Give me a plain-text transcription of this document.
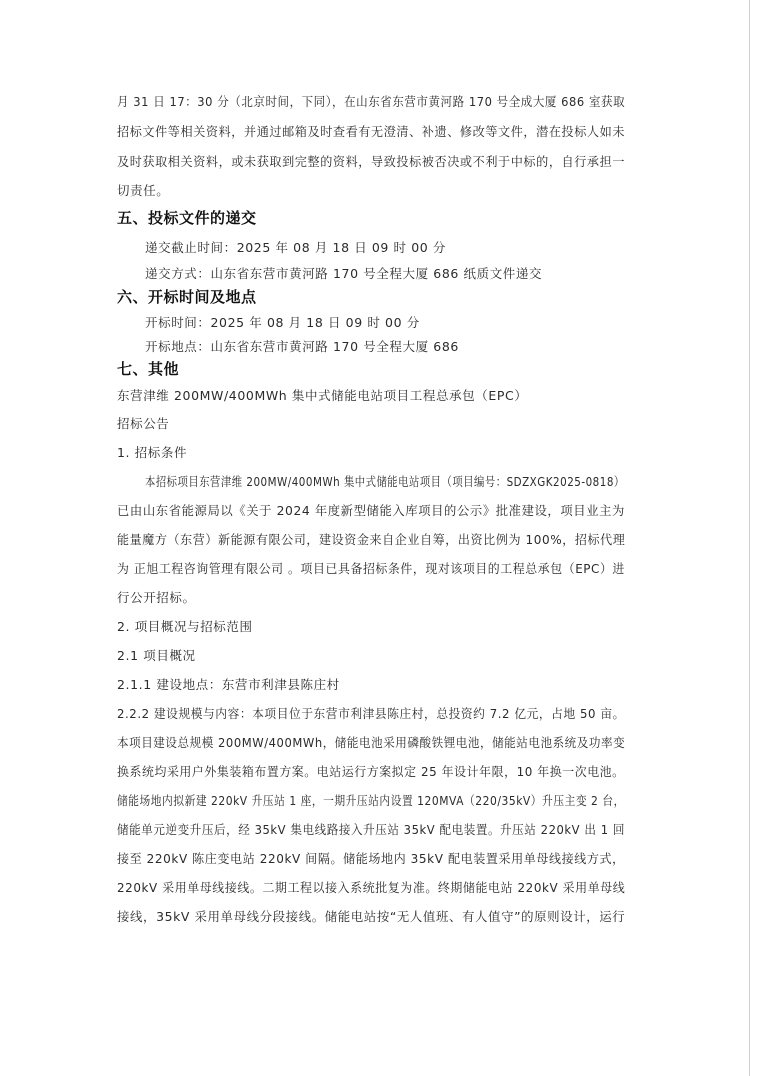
月 31 日 17：30 分（北京时间，下同），在山东省东营市黄河路 170 号全成大厦 686 室获取
招标文件等相关资料，并通过邮箱及时查看有无澄清、补遗、修改等文件，潜在投标人如未
及时获取相关资料，或未获取到完整的资料，导致投标被否决或不利于中标的，自行承担一
切责任。
五、投标文件的递交
递交截止时间：2025 年 08 月 18 日 09 时 00 分
递交方式：山东省东营市黄河路 170 号全程大厦 686 纸质文件递交
六、开标时间及地点
开标时间：2025 年 08 月 18 日 09 时 00 分
开标地点：山东省东营市黄河路 170 号全程大厦 686
七、其他
东营津维 200MW/400MWh 集中式储能电站项目工程总承包（EPC）
招标公告
1. 招标条件
本招标项目东营津维 200MW/400MWh 集中式储能电站项目（项目编号：SDZXGK2025-0818）
已由山东省能源局以《关于 2024 年度新型储能入库项目的公示》批准建设，项目业主为
能量魔方（东营）新能源有限公司，建设资金来自企业自筹，出资比例为 100%，招标代理
为 正旭工程咨询管理有限公司 。项目已具备招标条件，现对该项目的工程总承包（EPC）进
行公开招标。
2. 项目概况与招标范围
2.1 项目概况
2.1.1 建设地点：东营市利津县陈庄村
2.2.2 建设规模与内容：本项目位于东营市利津县陈庄村，总投资约 7.2 亿元，占地 50 亩。
本项目建设总规模 200MW/400MWh，储能电池采用磷酸铁锂电池，储能站电池系统及功率变
换系统均采用户外集装箱布置方案。电站运行方案拟定 25 年设计年限，10 年换一次电池。
储能场地内拟新建 220kV 升压站 1 座，一期升压站内设置 120MVA（220/35kV）升压主变 2 台，
储能单元逆变升压后，经 35kV 集电线路接入升压站 35kV 配电装置。升压站 220kV 出 1 回
接至 220kV 陈庄变电站 220kV 间隔。储能场地内 35kV 配电装置采用单母线接线方式，
220kV 采用单母线接线。二期工程以接入系统批复为准。终期储能电站 220kV 采用单母线
接线，35kV 采用单母线分段接线。储能电站按“无人值班、有人值守”的原则设计，运行
